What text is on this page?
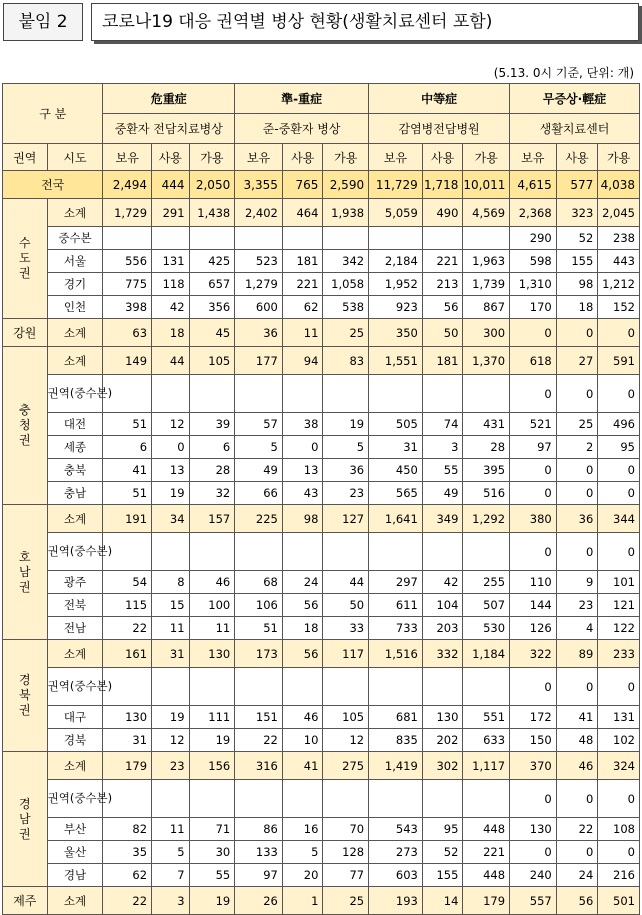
붙임 2	코로나19 대응 권역별 병상 현황(생활치료센터 포함)
(5.13. 0시 기준, 단위: 개)
구 분		危重症			準-重症			中等症			무증상·輕症		
		중환자 전담치료병상			준-중환자 병상			감염병전담병원			생활치료센터		
권역	시도	보유	사용	가용	보유	사용	가용	보유	사용	가용	보유	사용	가용
전국		2,494	444	2,050	3,355	765	2,590	11,729	1,718	10,011	4,615	577	4,038
수도권	소계	1,729	291	1,438	2,402	464	1,938	5,059	490	4,569	2,368	323	2,045
	중수본										290	52	238
	서울	556	131	425	523	181	342	2,184	221	1,963	598	155	443
	경기	775	118	657	1,279	221	1,058	1,952	213	1,739	1,310	98	1,212
	인천	398	42	356	600	62	538	923	56	867	170	18	152
강원	소계	63	18	45	36	11	25	350	50	300	0	0	0
충청권	소계	149	44	105	177	94	83	1,551	181	1,370	618	27	591
	권역(중수본)										0	0	0
	대전	51	12	39	57	38	19	505	74	431	521	25	496
	세종	6	0	6	5	0	5	31	3	28	97	2	95
	충북	41	13	28	49	13	36	450	55	395	0	0	0
	충남	51	19	32	66	43	23	565	49	516	0	0	0
호남권	소계	191	34	157	225	98	127	1,641	349	1,292	380	36	344
	권역(중수본)										0	0	0
	광주	54	8	46	68	24	44	297	42	255	110	9	101
	전북	115	15	100	106	56	50	611	104	507	144	23	121
	전남	22	11	11	51	18	33	733	203	530	126	4	122
경북권	소계	161	31	130	173	56	117	1,516	332	1,184	322	89	233
	권역(중수본)										0	0	0
	대구	130	19	111	151	46	105	681	130	551	172	41	131
	경북	31	12	19	22	10	12	835	202	633	150	48	102
경남권	소계	179	23	156	316	41	275	1,419	302	1,117	370	46	324
	권역(중수본)										0	0	0
	부산	82	11	71	86	16	70	543	95	448	130	22	108
	울산	35	5	30	133	5	128	273	52	221	0	0	0
	경남	62	7	55	97	20	77	603	155	448	240	24	216
제주	소계	22	3	19	26	1	25	193	14	179	557	56	501
